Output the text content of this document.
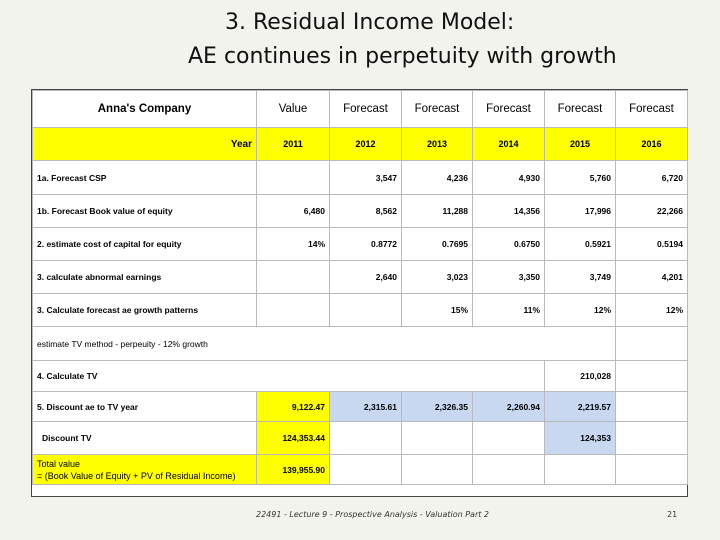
3. Residual Income Model:
AE continues in perpetuity with growth
Anna's Company	Value	Forecast	Forecast	Forecast	Forecast	Forecast
Year	2011	2012	2013	2014	2015	2016
1a. Forecast CSP		3,547	4,236	4,930	5,760	6,720
1b. Forecast Book value of equity	6,480	8,562	11,288	14,356	17,996	22,266
2. estimate cost of capital for equity	14%	0.8772	0.7695	0.6750	0.5921	0.5194
3. calculate abnormal earnings		2,640	3,023	3,350	3,749	4,201
3. Calculate forecast ae growth patterns			15%	11%	12%	12%
estimate TV method - perpeuity - 12% growth						
4. Calculate TV					210,028	
5. Discount ae to TV year	9,122.47	2,315.61	2,326.35	2,260.94	2,219.57	
Discount TV	124,353.44				124,353	
Total value
= (Book Value of Equity + PV of Residual Income)	139,955.90					
22491 - Lecture 9 - Prospective Analysis - Valuation Part 2	21
